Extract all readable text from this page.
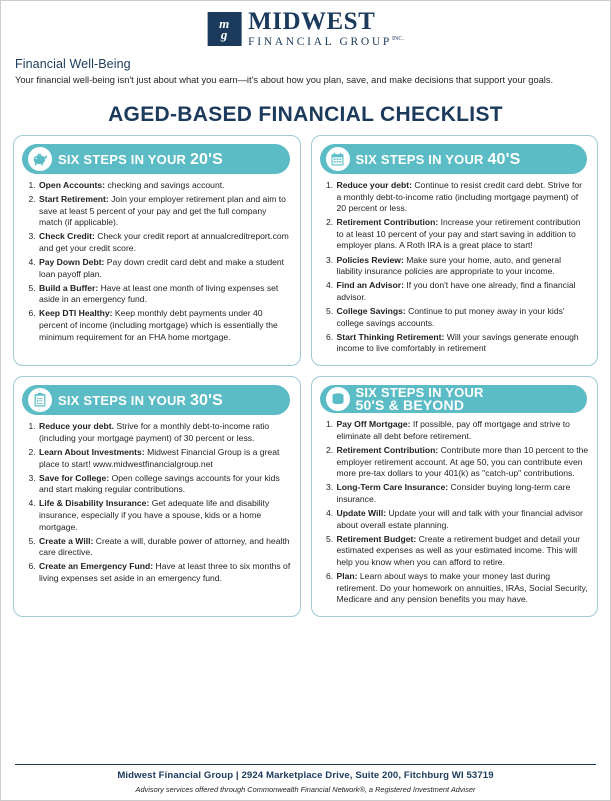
m
g MIDWEST
FINANCIAL $GROUP^{INC.}$
Financial Well-Being

Your financial well-being isn't just about what you earn—it's about how you plan, save, and make decisions that support your goals.

AGED-BASED FINANCIAL CHECKLIST
SIX STEPS IN YOUR 20'S
1. Open Accounts: checking and savings account.
2. Start Retirement: Join your employer retirement plan and aim to save at least 5 percent of your pay and get the full company match (if applicable).
3. Check Credit: Check your credit report at annualcreditreport.com and get your credit score.
4. Pay Down Debt: Pay down credit card debt and make a student loan payoff plan.
5. Build a Buffer: Have at least one month of living expenses set aside in an emergency fund.
6. Keep DTI Healthy: Keep monthly debt payments under 40 percent of income (including mortgage) which is essentially the minimum requirement for an FHA home mortgage.
SIX STEPS IN YOUR 40'S
1. Reduce your debt: Continue to resist credit card debt. Strive for a monthly debt-to-income ratio (including mortgage payment) of 20 percent or less.
2. Retirement Contribution: Increase your retirement contribution to at least 10 percent of your pay and start saving in addition to employer plans. A Roth IRA is a great place to start!
3. Policies Review: Make sure your home, auto, and general liability insurance policies are appropriate to your income.
4. Find an Advisor: If you don't have one already, find a financial advisor.
5. College Savings: Continue to put money away in your kids' college savings accounts.
6. Start Thinking Retirement: Will your savings generate enough income to live comfortably in retirement
SIX STEPS IN YOUR 30'S
1. Reduce your debt. Strive for a monthly debt-to-income ratio (including your mortgage payment) of 30 percent or less.
2. Learn About Investments: Midwest Financial Group is a great place to start! www.midwestfinancialgroup.net
3. Save for College: Open college savings accounts for your kids and start making regular contributions.
4. Life & Disability Insurance: Get adequate life and disability insurance, especially if you have a spouse, kids or a home mortgage.
5. Create a Will: Create a will, durable power of attorney, and health care directive.
6. Create an Emergency Fund: Have at least three to six months of living expenses set aside in an emergency fund.
SIX STEPS IN YOUR
50'S & BEYOND
1. Pay Off Mortgage: If possible, pay off mortgage and strive to eliminate all debt before retirement.
2. Retirement Contribution: Contribute more than 10 percent to the employer retirement account. At age 50, you can contribute even more pre-tax dollars to your 401(k) as "catch-up" contributions.
3. Long-Term Care Insurance: Consider buying long-term care insurance.
4. Update Will: Update your will and talk with your financial advisor about overall estate planning.
5. Retirement Budget: Create a retirement budget and detail your estimated expenses as well as your estimated income. This will help you know when you can afford to retire.
6. Plan: Learn about ways to make your money last during retirement. Do your homework on annuities, IRAs, Social Security, Medicare and any pension benefits you may have.
Midwest Financial Group | 2924 Marketplace Drive, Suite 200, Fitchburg WI 53719
Advisory services offered through Commonwealth Financial Network®, a Registered Investment Adviser
